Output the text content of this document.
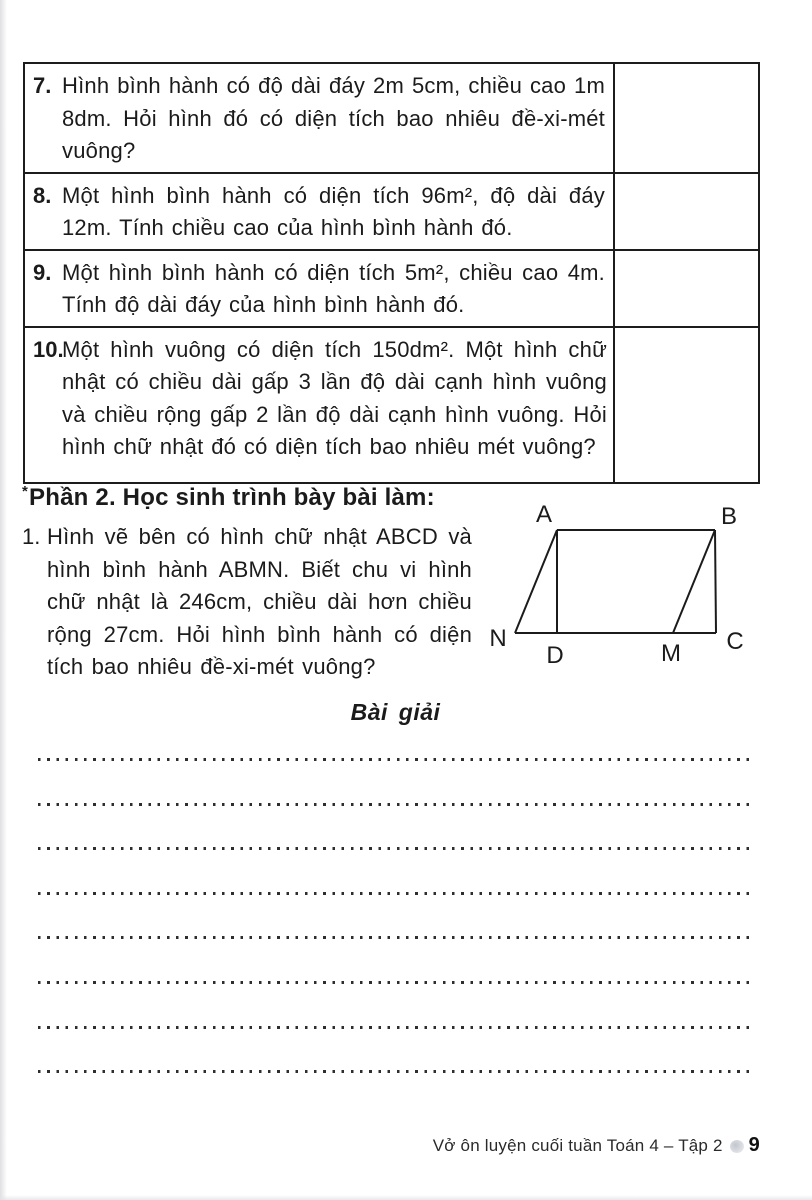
7. Hình bình hành có độ dài đáy 2m 5cm, chiều cao 1m 8dm. Hỏi hình đó có diện tích bao nhiêu đề-xi-mét vuông?
8. Một hình bình hành có diện tích 96m², độ dài đáy 12m. Tính chiều cao của hình bình hành đó.
9. Một hình bình hành có diện tích 5m², chiều cao 4m. Tính độ dài đáy của hình bình hành đó.
10.
Một hình vuông có diện tích 150dm². Một hình chữ nhật có chiều dài gấp 3 lần độ dài cạnh hình vuông và chiều rộng gấp 2 lần độ dài cạnh hình vuông. Hỏi hình chữ nhật đó có diện tích bao nhiêu mét vuông?
*Phần 2. Học sinh trình bày bài làm:
1. Hình vẽ bên có hình chữ nhật ABCD và hình bình hành ABMN. Biết chu vi hình chữ nhật là 246cm, chiều dài hơn chiều rộng 27cm. Hỏi hình bình hành có diện tích bao nhiêu đề-xi-mét vuông?
A	B
C
D	M
N
Bài giải
Vở ôn luyện cuối tuần Toán 4 – Tập 2 9
